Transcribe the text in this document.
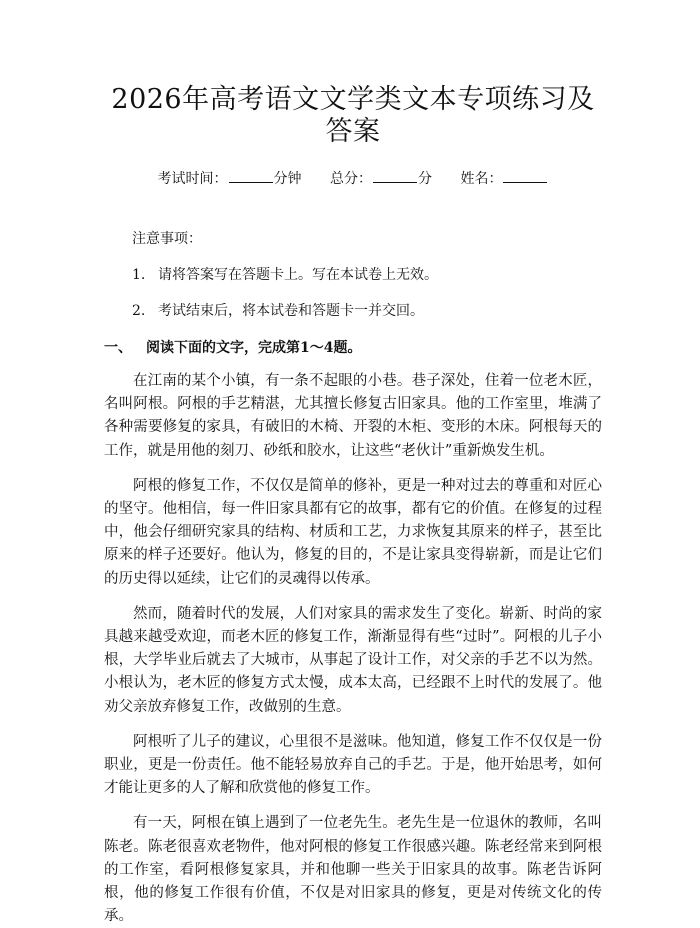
2026年高考语文文学类文本专项练习及答案
考试时间：	分钟 总分：	分 姓名：
注意事项：
1. 请将答案写在答题卡上。写在本试卷上无效。
2. 考试结束后，将本试卷和答题卡一并交回。
一、 阅读下面的文字，完成第1～4题。

在江南的某个小镇，有一条不起眼的小巷。巷子深处，住着一位老木匠，名叫阿根。阿根的手艺精湛，尤其擅长修复古旧家具。他的工作室里，堆满了各种需要修复的家具，有破旧的木椅、开裂的木柜、变形的木床。阿根每天的工作，就是用他的刻刀、砂纸和胶水，让这些“老伙计”重新焕发生机。

阿根的修复工作，不仅仅是简单的修补，更是一种对过去的尊重和对匠心的坚守。他相信，每一件旧家具都有它的故事，都有它的价值。在修复的过程中，他会仔细研究家具的结构、材质和工艺，力求恢复其原来的样子，甚至比原来的样子还要好。他认为，修复的目的，不是让家具变得崭新，而是让它们的历史得以延续，让它们的灵魂得以传承。

然而，随着时代的发展，人们对家具的需求发生了变化。崭新、时尚的家具越来越受欢迎，而老木匠的修复工作，渐渐显得有些“过时”。阿根的儿子小根，大学毕业后就去了大城市，从事起了设计工作，对父亲的手艺不以为然。小根认为，老木匠的修复方式太慢，成本太高，已经跟不上时代的发展了。他劝父亲放弃修复工作，改做别的生意。

阿根听了儿子的建议，心里很不是滋味。他知道，修复工作不仅仅是一份职业，更是一份责任。他不能轻易放弃自己的手艺。于是，他开始思考，如何才能让更多的人了解和欣赏他的修复工作。

有一天，阿根在镇上遇到了一位老先生。老先生是一位退休的教师，名叫陈老。陈老很喜欢老物件，他对阿根的修复工作很感兴趣。陈老经常来到阿根的工作室，看阿根修复家具，并和他聊一些关于旧家具的故事。陈老告诉阿根，他的修复工作很有价值，不仅是对旧家具的修复，更是对传统文化的传承。
